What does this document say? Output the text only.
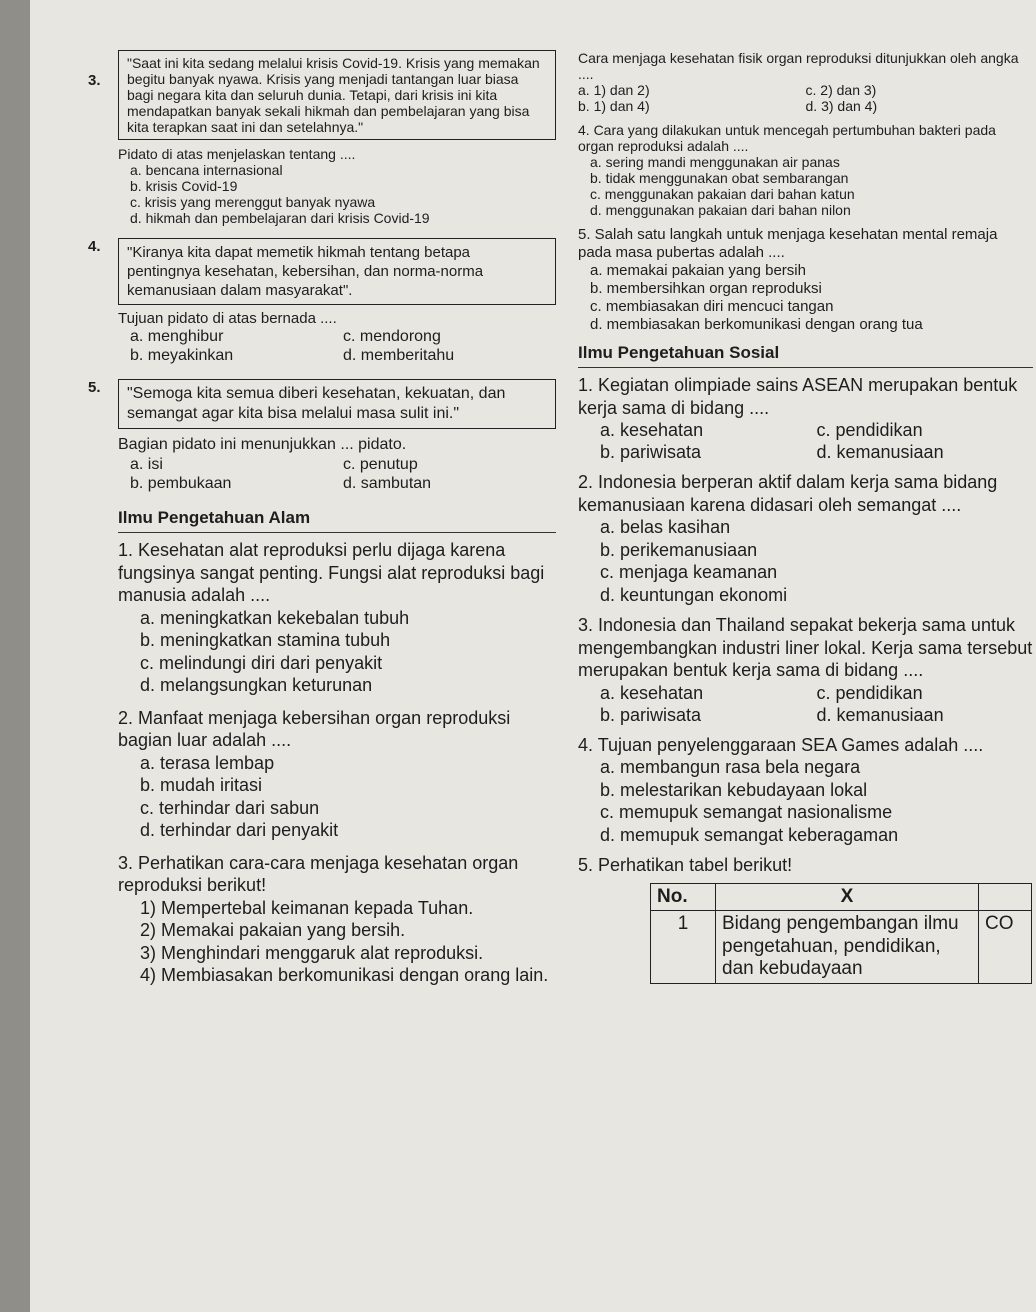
3.
"Saat ini kita sedang melalui krisis Covid-19. Krisis yang memakan begitu banyak nyawa. Krisis yang menjadi tantangan luar biasa bagi negara kita dan seluruh dunia. Tetapi, dari krisis ini kita mendapatkan banyak sekali hikmah dan pembelajaran yang bisa kita terapkan saat ini dan setelahnya."
Pidato di atas menjelaskan tentang ....
a. bencana internasional
b. krisis Covid-19
c. krisis yang merenggut banyak nyawa
d. hikmah dan pembelajaran dari krisis Covid-19
4.	"Kiranya kita dapat memetik hikmah tentang betapa pentingnya kesehatan, kebersihan, dan norma-norma kemanusiaan dalam masyarakat".
Tujuan pidato di atas bernada ....
a. menghibur	c. mendorong
b. meyakinkan	d. memberitahu
5.	"Semoga kita semua diberi kesehatan, kekuatan, dan semangat agar kita bisa melalui masa sulit ini."
Bagian pidato ini menunjukkan ... pidato.
a. isi	c. penutup
b. pembukaan	d. sambutan
Ilmu Pengetahuan Alam
1. Kesehatan alat reproduksi perlu dijaga karena fungsinya sangat penting. Fungsi alat reproduksi bagi manusia adalah ....
a. meningkatkan kekebalan tubuh
b. meningkatkan stamina tubuh
c. melindungi diri dari penyakit
d. melangsungkan keturunan
2. Manfaat menjaga kebersihan organ reproduksi bagian luar adalah ....
a. terasa lembap
b. mudah iritasi
c. terhindar dari sabun
d. terhindar dari penyakit
3. Perhatikan cara-cara menjaga kesehatan organ reproduksi berikut!
1) Mempertebal keimanan kepada Tuhan.
2) Memakai pakaian yang bersih.
3) Menghindari menggaruk alat reproduksi.
4) Membiasakan berkomunikasi dengan orang lain.
Cara menjaga kesehatan fisik organ reproduksi ditunjukkan oleh angka ....
a. 1) dan 2)	c. 2) dan 3)
b. 1) dan 4)	d. 3) dan 4)
4. Cara yang dilakukan untuk mencegah pertumbuhan bakteri pada organ reproduksi adalah ....
a. sering mandi menggunakan air panas
b. tidak menggunakan obat sembarangan
c. menggunakan pakaian dari bahan katun
d. menggunakan pakaian dari bahan nilon
5. Salah satu langkah untuk menjaga kesehatan mental remaja pada masa pubertas adalah ....
a. memakai pakaian yang bersih
b. membersihkan organ reproduksi
c. membiasakan diri mencuci tangan
d. membiasakan berkomunikasi dengan orang tua
Ilmu Pengetahuan Sosial
1. Kegiatan olimpiade sains ASEAN merupakan bentuk kerja sama di bidang ....
a. kesehatan	c. pendidikan
b. pariwisata	d. kemanusiaan
2. Indonesia berperan aktif dalam kerja sama bidang kemanusiaan karena didasari oleh semangat ....
a. belas kasihan
b. perikemanusiaan
c. menjaga keamanan
d. keuntungan ekonomi
3. Indonesia dan Thailand sepakat bekerja sama untuk mengembangkan industri liner lokal. Kerja sama tersebut merupakan bentuk kerja sama di bidang ....
a. kesehatan	c. pendidikan
b. pariwisata	d. kemanusiaan
4. Tujuan penyelenggaraan SEA Games adalah ....
a. membangun rasa bela negara
b. melestarikan kebudayaan lokal
c. memupuk semangat nasionalisme
d. memupuk semangat keberagaman
5. Perhatikan tabel berikut!
No.	X	
1	Bidang pengembangan ilmu pengetahuan, pendidikan, dan kebudayaan	CO
